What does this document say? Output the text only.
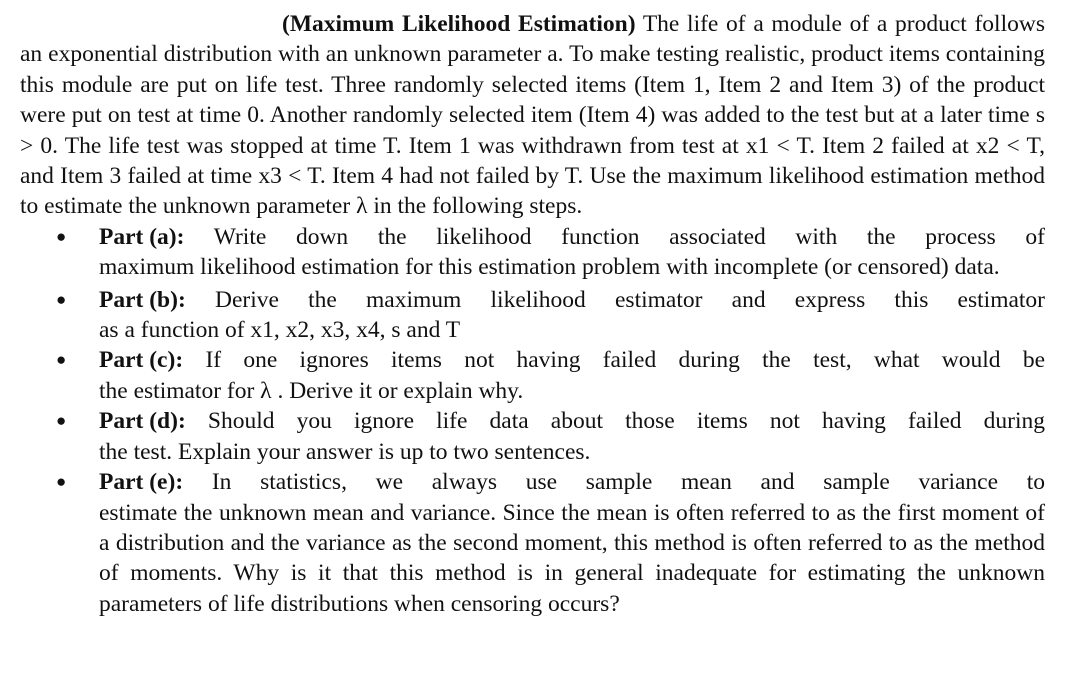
(Maximum Likelihood Estimation) The life of a module of a product follows an exponential distribution with an unknown parameter a. To make testing realistic, product items containing this module are put on life test. Three randomly selected items (Item 1, Item 2 and Item 3) of the product were put on test at time 0. Another randomly selected item (Item 4) was added to the test but at a later time s > 0. The life test was stopped at time T. Item 1 was withdrawn from test at x1 < T. Item 2 failed at x2 < T, and Item 3 failed at time x3 < T. Item 4 had not failed by T. Use the maximum likelihood estimation method to estimate the unknown parameter λ in the following steps.

● Part (a): Write down the likelihood function associated with the process of
maximum likelihood estimation for this estimation problem with incomplete (or censored) data.
● Part (b): Derive the maximum likelihood estimator and express this estimator
as a function of x1, x2, x3, x4, s and T
● Part (c): If one ignores items not having failed during the test, what would be
the estimator for λ . Derive it or explain why.
● Part (d): Should you ignore life data about those items not having failed during
the test. Explain your answer is up to two sentences.
● Part (e): In statistics, we always use sample mean and sample variance to
estimate the unknown mean and variance. Since the mean is often referred to as the first moment of a distribution and the variance as the second moment, this method is often referred to as the method of moments. Why is it that this method is in general inadequate for estimating the unknown parameters of life distributions when censoring occurs?
